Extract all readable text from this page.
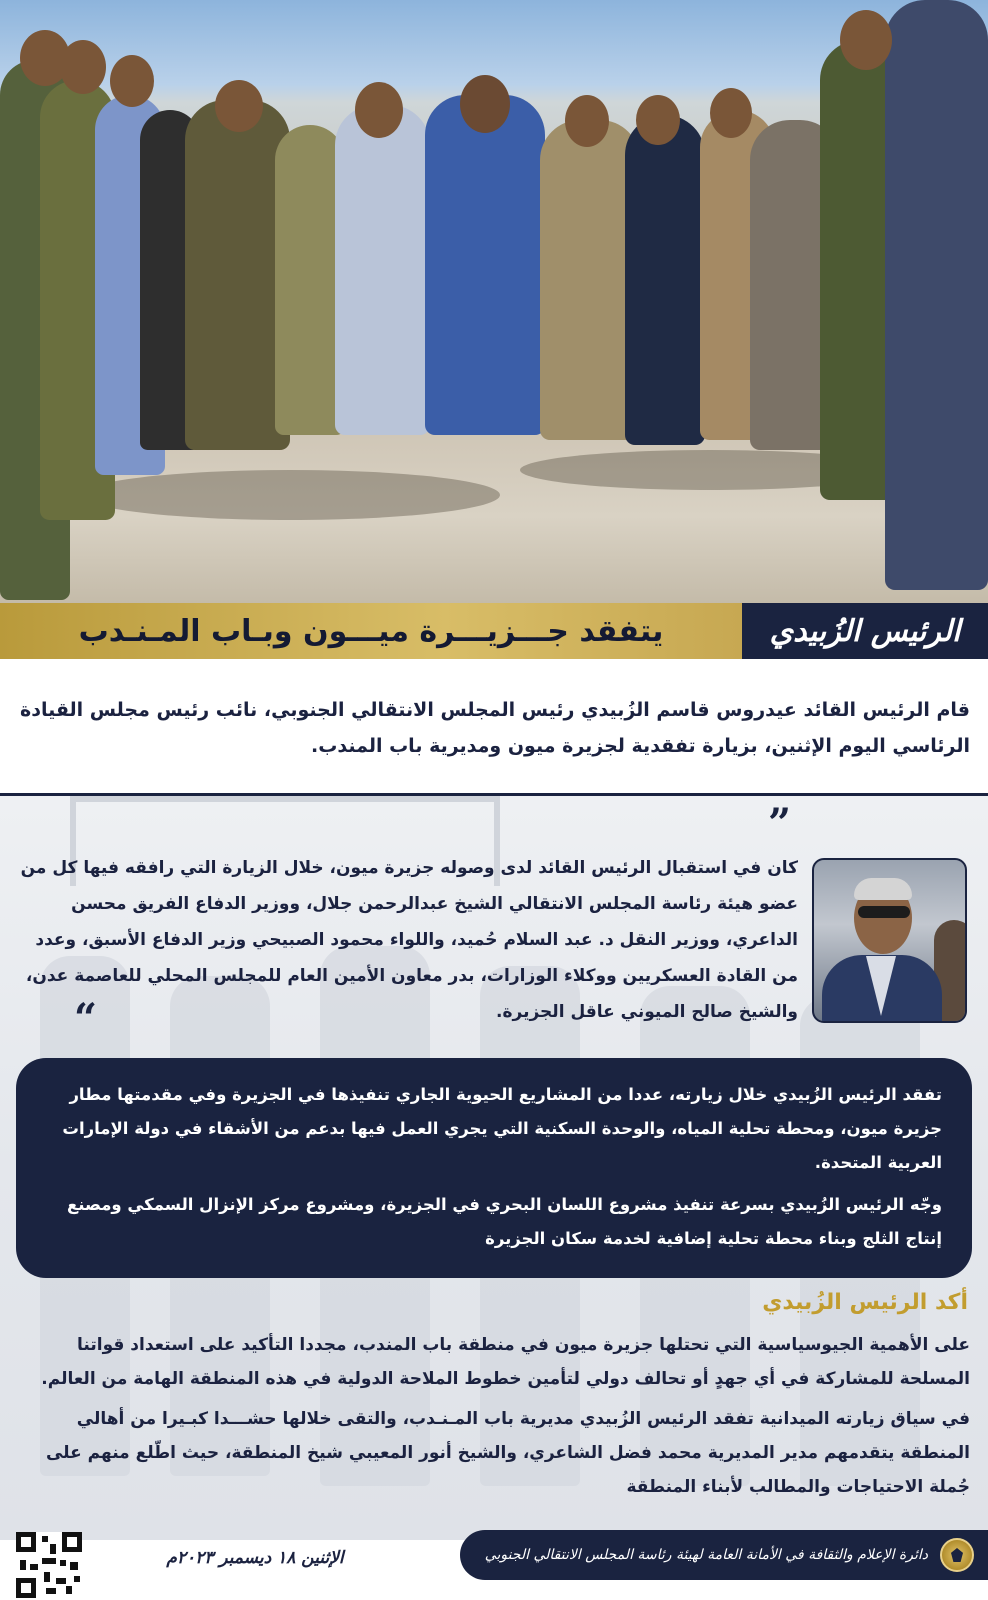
يتفقد جـــزيـــرة ميـــون وبـاب المـنـدب	الرئيس الزُبيدي

قام الرئيس القائد عيدروس قاسم الزُبيدي رئيس المجلس الانتقالي الجنوبي، نائب رئيس مجلس القيادة الرئاسي اليوم الإثنين، بزيارة تفقدية لجزيرة ميون ومديرية باب المندب.

”

كان في استقبال الرئيس القائد لدى وصوله جزيرة ميون، خلال الزيارة التي رافقه فيها كل من عضو هيئة رئاسة المجلس الانتقالي الشيخ عبدالرحمن جلال، ووزير الدفاع الفريق محسن الداعري، ووزير النقل د. عبد السلام حُميد، واللواء محمود الصبيحي وزير الدفاع الأسبق، وعدد من القادة العسكريين ووكلاء الوزارات، بدر معاون الأمين العام للمجلس المحلي للعاصمة عدن، والشيخ صالح الميوني عاقل الجزيرة.

“

تفقد الرئيس الزُبيدي خلال زيارته، عددا من المشاريع الحيوية الجاري تنفيذها في الجزيرة وفي مقدمتها مطار جزيرة ميون، ومحطة تحلية المياه، والوحدة السكنية التي يجري العمل فيها بدعم من الأشقاء في دولة الإمارات العربية المتحدة.

وجّه الرئيس الزُبيدي بسرعة تنفيذ مشروع اللسان البحري في الجزيرة، ومشروع مركز الإنزال السمكي ومصنع إنتاج الثلج وبناء محطة تحلية إضافية لخدمة سكان الجزيرة

أكد الرئيس الزُبيدي

على الأهمية الجيوسياسية التي تحتلها جزيرة ميون في منطقة باب المندب، مجددا التأكيد على استعداد قواتنا المسلحة للمشاركة في أي جهدٍ أو تحالف دولي لتأمين خطوط الملاحة الدولية في هذه المنطقة الهامة من العالم.

في سياق زيارته الميدانية تفقد الرئيس الزُبيدي مديرية باب المـنـدب، والتقى خلالها حشـــدا كبـيرا من أهالي المنطقة يتقدمهم مدير المديرية محمد فضل الشاعري، والشيخ أنور المعيبي شيخ المنطقة، حيث اطّلع منهم على جُملة الاحتياجات والمطالب لأبناء المنطقة

الإثنين ١٨ ديسمبر ٢٠٢٣م	دائرة الإعلام والثقافة في الأمانة العامة لهيئة رئاسة المجلس الانتقالي الجنوبي
